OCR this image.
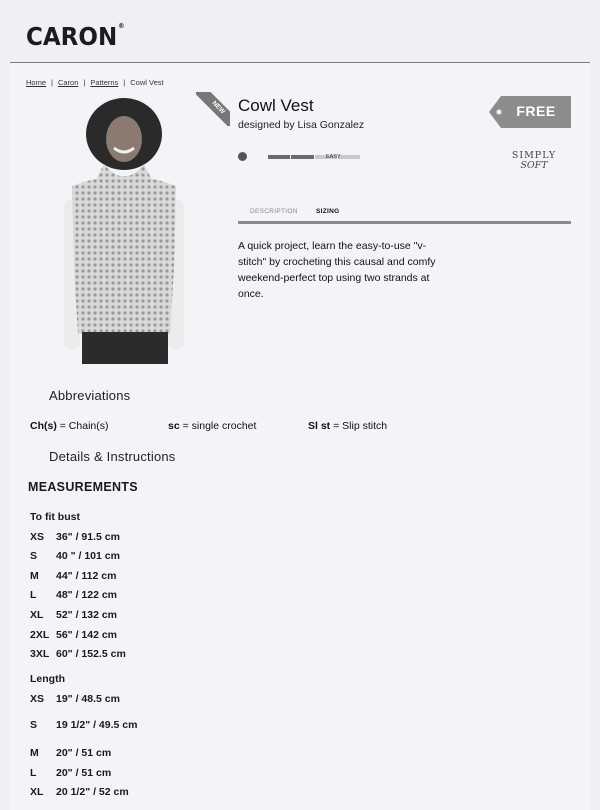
CARON®
Home | Caron | Patterns | Cowl Vest
NEW Cowl Vest
designed by Lisa Gonzalez
EASY
FREE
SIMPLY
SOFT
DESCRIPTION	SIZING
A quick project, learn the easy-to-use "v-stitch" by crocheting this causal and comfy weekend-perfect top using two strands at once.
Abbreviations
Ch(s) = Chain(s)	sc = single crochet	Sl st = Slip stitch
Details & Instructions
MEASUREMENTS
To fit bust
XS 36" / 91.5 cm
S 40 " / 101 cm
M 44" / 112 cm
L 48" / 122 cm
XL 52" / 132 cm
2XL 56" / 142 cm
3XL 60" / 152.5 cm
Length
XS 19" / 48.5 cm
S 19 1/2" / 49.5 cm
M 20" / 51 cm
L 20" / 51 cm
XL 20 1/2" / 52 cm
